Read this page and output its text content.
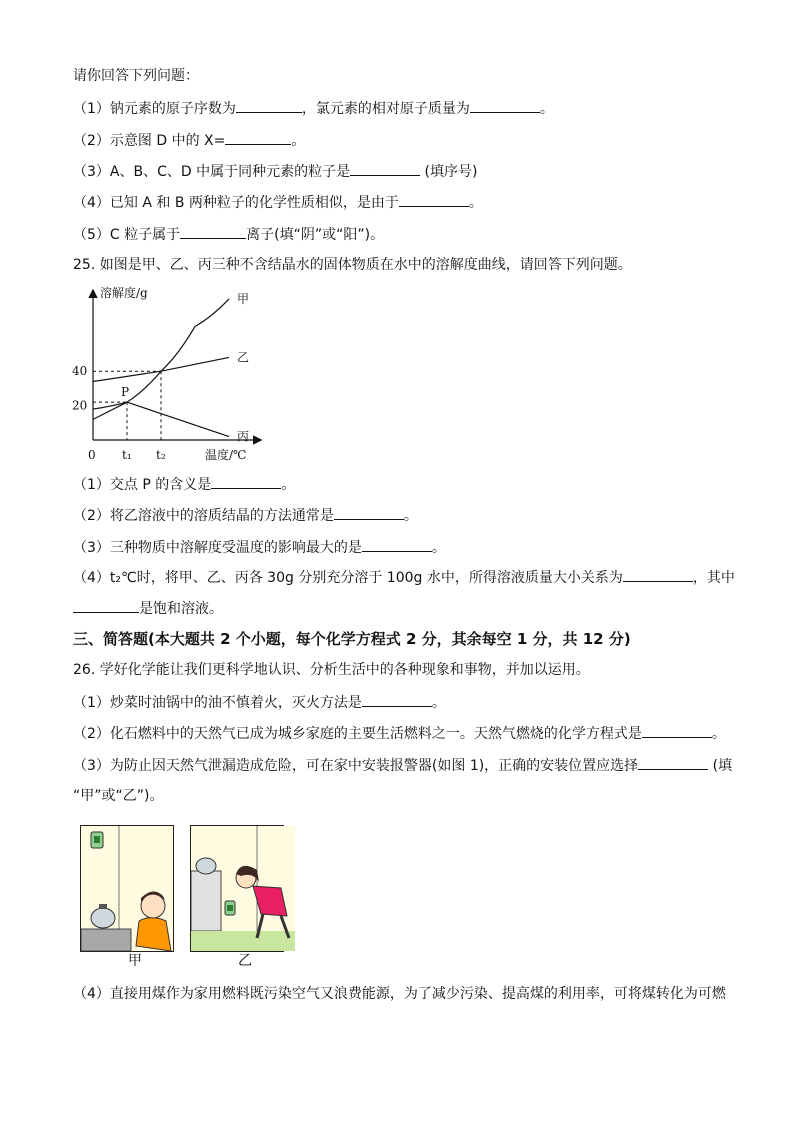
请你回答下列问题：
（1）钠元素的原子序数为	，氯元素的相对原子质量为	。
（2）示意图 D 中的 X=	。
（3）A、B、C、D 中属于同种元素的粒子是	(填序号)
（4）已知 A 和 B 两种粒子的化学性质相似，是由于	。
（5）C 粒子属于	离子(填“阴”或“阳”)。
25. 如图是甲、乙、丙三种不含结晶水的固体物质在水中的溶解度曲线，请回答下列问题。
溶解度/g
温度/℃
0
甲
乙
丙
20
40
t₁ t₂
P
（1）交点 P 的含义是	。
（2）将乙溶液中的溶质结晶的方法通常是	。
（3）三种物质中溶解度受温度的影响最大的是	。
（4）t₂℃时，将甲、乙、丙各 30g 分别充分溶于 100g 水中，所得溶液质量大小关系为	，其中
是饱和溶液。
三、简答题(本大题共 2 个小题，每个化学方程式 2 分，其余每空 1 分，共 12 分)
26. 学好化学能让我们更科学地认识、分析生活中的各种现象和事物，并加以运用。
（1）炒菜时油锅中的油不慎着火，灭火方法是	。
（2）化石燃料中的天然气已成为城乡家庭的主要生活燃料之一。天然气燃烧的化学方程式是	。
（3）为防止因天然气泄漏造成危险，可在家中安装报警器(如图 1)，正确的安装位置应选择	(填
“甲”或“乙”)。
甲	乙
（4）直接用煤作为家用燃料既污染空气又浪费能源，为了减少污染、提高煤的利用率，可将煤转化为可燃
